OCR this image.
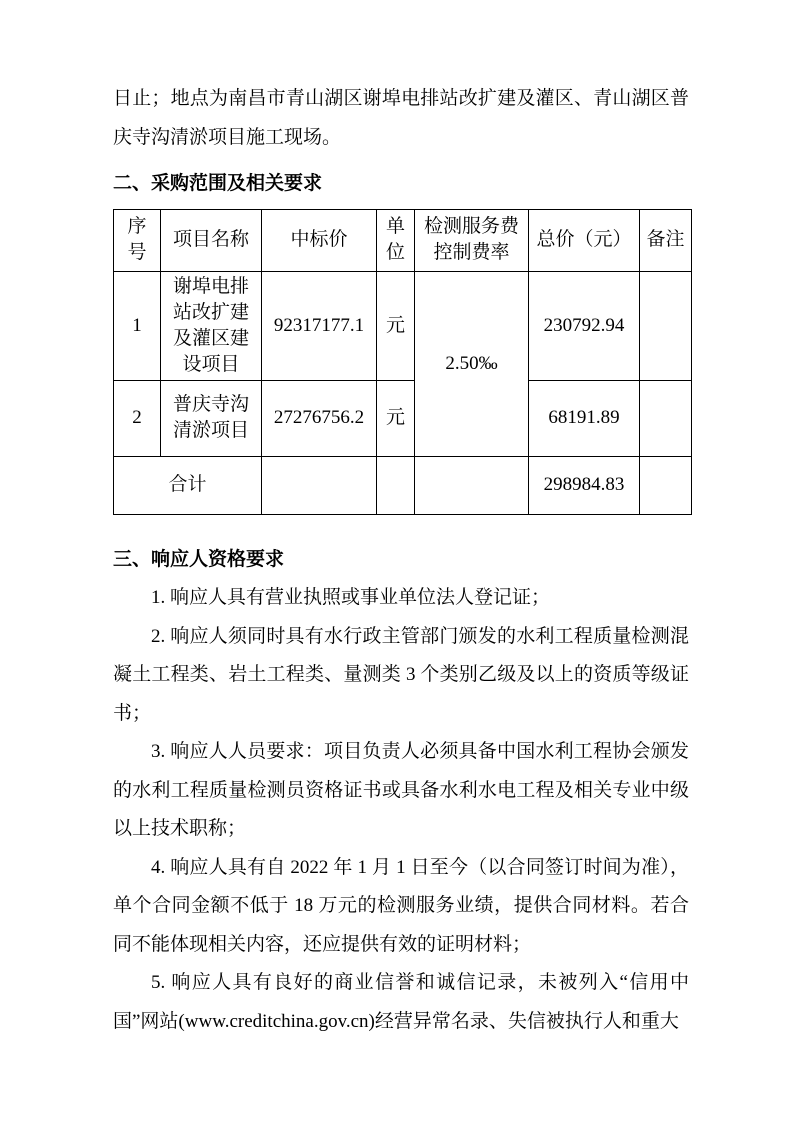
日止；地点为南昌市青山湖区谢埠电排站改扩建及灌区、青山湖区普庆寺沟清淤项目施工现场。

二、采购范围及相关要求
序号	项目名称	中标价	单位	检测服务费控制费率	总价（元）	备注
1	谢埠电排站改扩建及灌区建设项目	92317177.1	元	2.50‰	230792.94	
2	普庆寺沟清淤项目	27276756.2	元		68191.89	
合计					298984.83	
三、响应人资格要求

1. 响应人具有营业执照或事业单位法人登记证；

2. 响应人须同时具有水行政主管部门颁发的水利工程质量检测混凝土工程类、岩土工程类、量测类 3 个类别乙级及以上的资质等级证书；

3. 响应人人员要求：项目负责人必须具备中国水利工程协会颁发的水利工程质量检测员资格证书或具备水利水电工程及相关专业中级以上技术职称；

4. 响应人具有自 2022 年 1 月 1 日至今（以合同签订时间为准），单个合同金额不低于 18 万元的检测服务业绩，提供合同材料。若合同不能体现相关内容，还应提供有效的证明材料；

5. 响应人具有良好的商业信誉和诚信记录，未被列入“信用中国”网站(www.creditchina.gov.cn)经营异常名录、失信被执行人和重大
